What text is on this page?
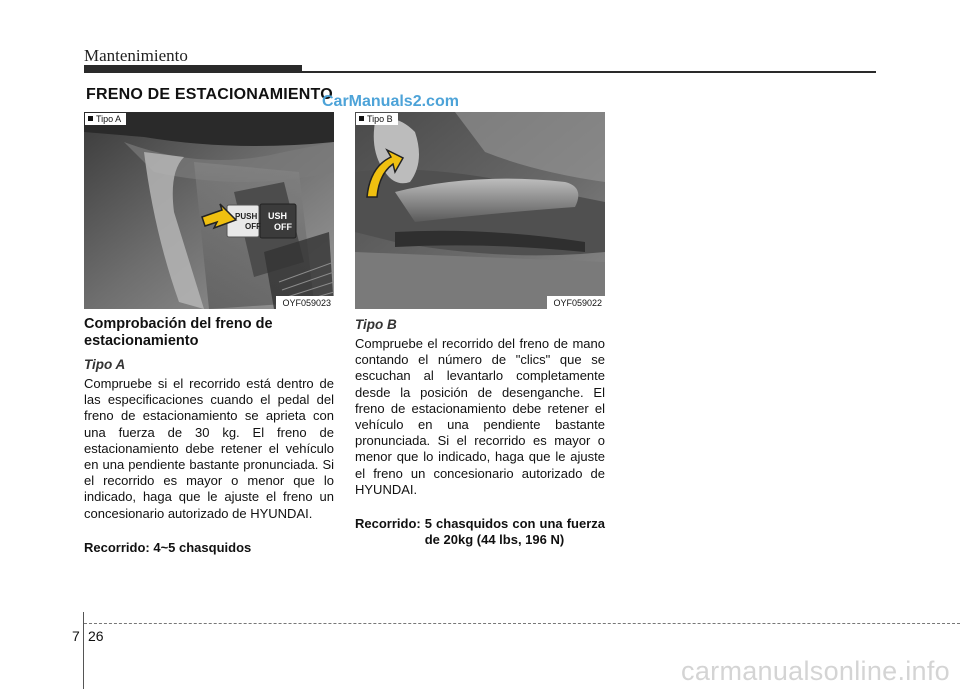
Mantenimiento
FRENO DE ESTACIONAMIENTO
CarManuals2.com
PUSH
OFF
USH
OFF
Tipo A
OYF059023
Tipo B
OYF059022
Comprobación del freno de estacionamiento
Tipo A
Compruebe si el recorrido está dentro de las especificaciones cuando el pedal del freno de estacionamiento se aprieta con una fuerza de 30 kg. El freno de estacionamiento debe retener el vehículo en una pendiente bastante pronunciada. Si el recorrido es mayor o menor que lo indicado, haga que le ajuste el freno un concesionario autorizado de HYUNDAI.
Recorrido: 4~5 chasquidos
Tipo B
Compruebe el recorrido del freno de mano contando el número de "clics" que se escuchan al levantarlo completamente desde la posición de desenganche. El freno de estacionamiento debe retener el vehículo en una pendiente bastante pronunciada. Si el recorrido es mayor o menor que lo indicado, haga que le ajuste el freno un concesionario autorizado de HYUNDAI.
Recorrido: 5 chasquidos con una fuerza de 20kg (44 lbs, 196 N)
7 26
carmanualsonline.info
